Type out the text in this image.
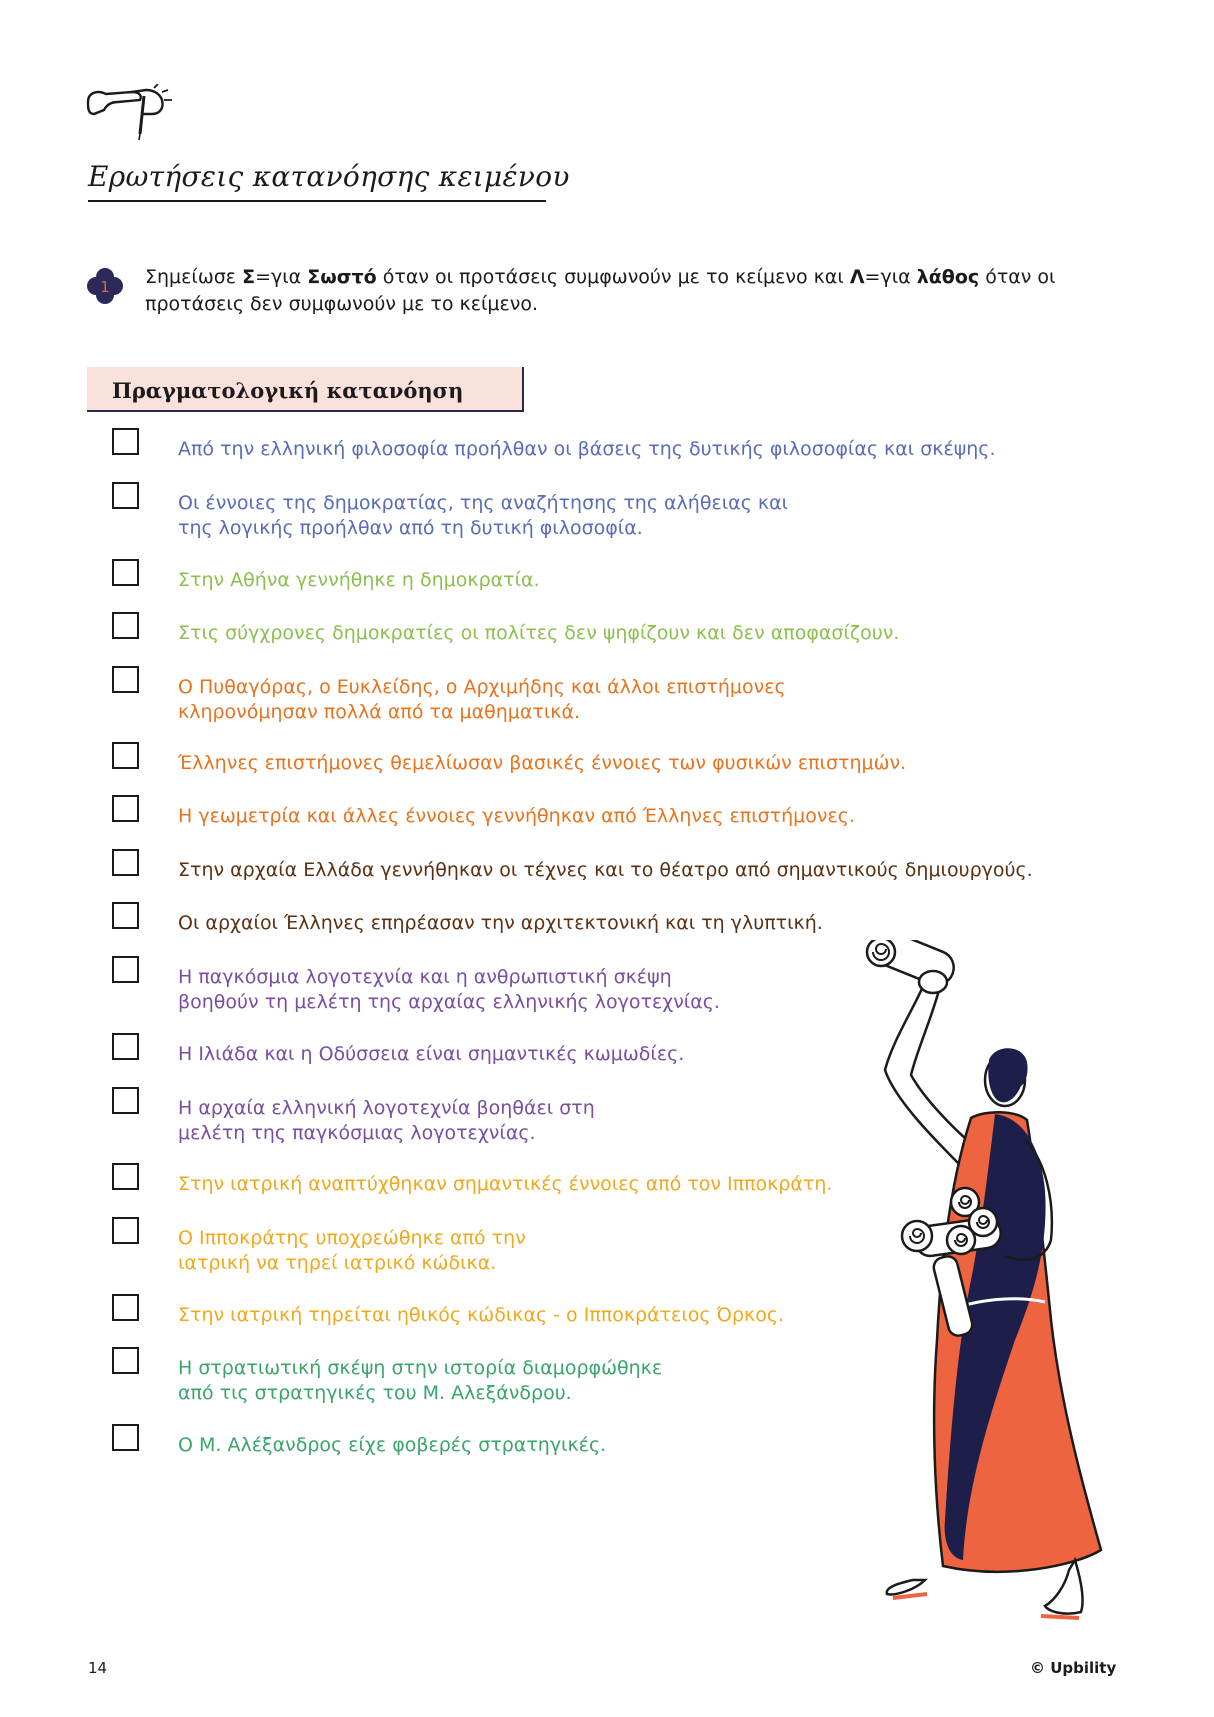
Ερωτήσεις κατανόησης κειμένου
1 Σημείωσε Σ=για Σωστό όταν οι προτάσεις συμφωνούν με το κείμενο και Λ=για λάθος όταν οι προτάσεις δεν συμφωνούν με το κείμενο.
Πραγματολογική κατανόηση
Από την ελληνική φιλοσοφία προήλθαν οι βάσεις της δυτικής φιλοσοφίας και σκέψης.
Οι έννοιες της δημοκρατίας, της αναζήτησης της αλήθειας και
της λογικής προήλθαν από τη δυτική φιλοσοφία.
Στην Αθήνα γεννήθηκε η δημοκρατία.
Στις σύγχρονες δημοκρατίες οι πολίτες δεν ψηφίζουν και δεν αποφασίζουν.
Ο Πυθαγόρας, ο Ευκλείδης, ο Αρχιμήδης και άλλοι επιστήμονες
κληρονόμησαν πολλά από τα μαθηματικά.
Έλληνες επιστήμονες θεμελίωσαν βασικές έννοιες των φυσικών επιστημών.
Η γεωμετρία και άλλες έννοιες γεννήθηκαν από Έλληνες επιστήμονες.
Στην αρχαία Ελλάδα γεννήθηκαν οι τέχνες και το θέατρο από σημαντικούς δημιουργούς.
Οι αρχαίοι Έλληνες επηρέασαν την αρχιτεκτονική και τη γλυπτική.
Η παγκόσμια λογοτεχνία και η ανθρωπιστική σκέψη
βοηθούν τη μελέτη της αρχαίας ελληνικής λογοτεχνίας.
Η Ιλιάδα και η Οδύσσεια είναι σημαντικές κωμωδίες.
Η αρχαία ελληνική λογοτεχνία βοηθάει στη
μελέτη της παγκόσμιας λογοτεχνίας.
Στην ιατρική αναπτύχθηκαν σημαντικές έννοιες από τον Ιπποκράτη.
Ο Ιπποκράτης υποχρεώθηκε από την
ιατρική να τηρεί ιατρικό κώδικα.
Στην ιατρική τηρείται ηθικός κώδικας - ο Ιπποκράτειος Όρκος.
Η στρατιωτική σκέψη στην ιστορία διαμορφώθηκε
από τις στρατηγικές του Μ. Αλεξάνδρου.
Ο Μ. Αλέξανδρος είχε φοβερές στρατηγικές.
14	© Upbility
